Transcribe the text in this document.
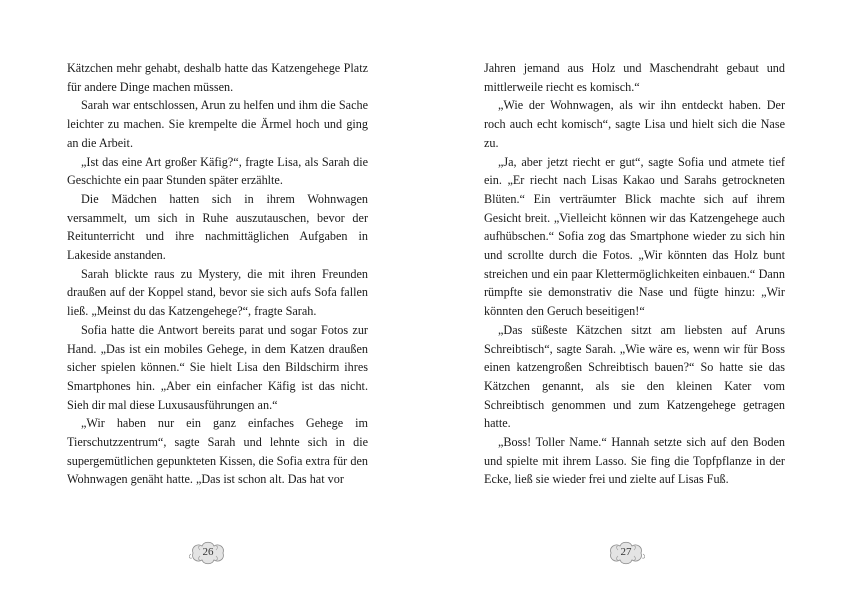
Kätzchen mehr gehabt, deshalb hatte das Katzengehege Platz für andere Dinge machen müssen.

Sarah war entschlossen, Arun zu helfen und ihm die Sache leichter zu machen. Sie krempelte die Ärmel hoch und ging an die Arbeit.

„Ist das eine Art großer Käfig?“, fragte Lisa, als Sarah die Geschichte ein paar Stunden später erzählte.

Die Mädchen hatten sich in ihrem Wohnwagen versammelt, um sich in Ruhe auszutauschen, bevor der Reitunterricht und ihre nachmittäglichen Aufgaben in Lakeside anstanden.

Sarah blickte raus zu Mystery, die mit ihren Freunden draußen auf der Koppel stand, bevor sie sich aufs Sofa fallen ließ. „Meinst du das Katzengehege?“, fragte Sarah.

Sofia hatte die Antwort bereits parat und sogar Fotos zur Hand. „Das ist ein mobiles Gehege, in dem Katzen draußen sicher spielen können.“ Sie hielt Lisa den Bildschirm ihres Smartphones hin. „Aber ein einfacher Käfig ist das nicht. Sieh dir mal diese Luxusausführungen an.“

„Wir haben nur ein ganz einfaches Gehege im Tierschutzzentrum“, sagte Sarah und lehnte sich in die supergemütlichen gepunkteten Kissen, die Sofia extra für den Wohnwagen genäht hatte. „Das ist schon alt. Das hat vor

26

Jahren jemand aus Holz und Maschendraht gebaut und mittlerweile riecht es komisch.“

„Wie der Wohnwagen, als wir ihn entdeckt haben. Der roch auch echt komisch“, sagte Lisa und hielt sich die Nase zu.

„Ja, aber jetzt riecht er gut“, sagte Sofia und atmete tief ein. „Er riecht nach Lisas Kakao und Sarahs getrockneten Blüten.“ Ein verträumter Blick machte sich auf ihrem Gesicht breit. „Vielleicht können wir das Katzengehege auch aufhübschen.“ Sofia zog das Smartphone wieder zu sich hin und scrollte durch die Fotos. „Wir könnten das Holz bunt streichen und ein paar Klettermöglichkeiten einbauen.“ Dann rümpfte sie demonstrativ die Nase und fügte hinzu: „Wir könnten den Geruch beseitigen!“

„Das süßeste Kätzchen sitzt am liebsten auf Aruns Schreibtisch“, sagte Sarah. „Wie wäre es, wenn wir für Boss einen katzengroßen Schreibtisch bauen?“ So hatte sie das Kätzchen genannt, als sie den kleinen Kater vom Schreibtisch genommen und zum Katzengehege getragen hatte.

„Boss! Toller Name.“ Hannah setzte sich auf den Boden und spielte mit ihrem Lasso. Sie fing die Topfpflanze in der Ecke, ließ sie wieder frei und zielte auf Lisas Fuß.

27
